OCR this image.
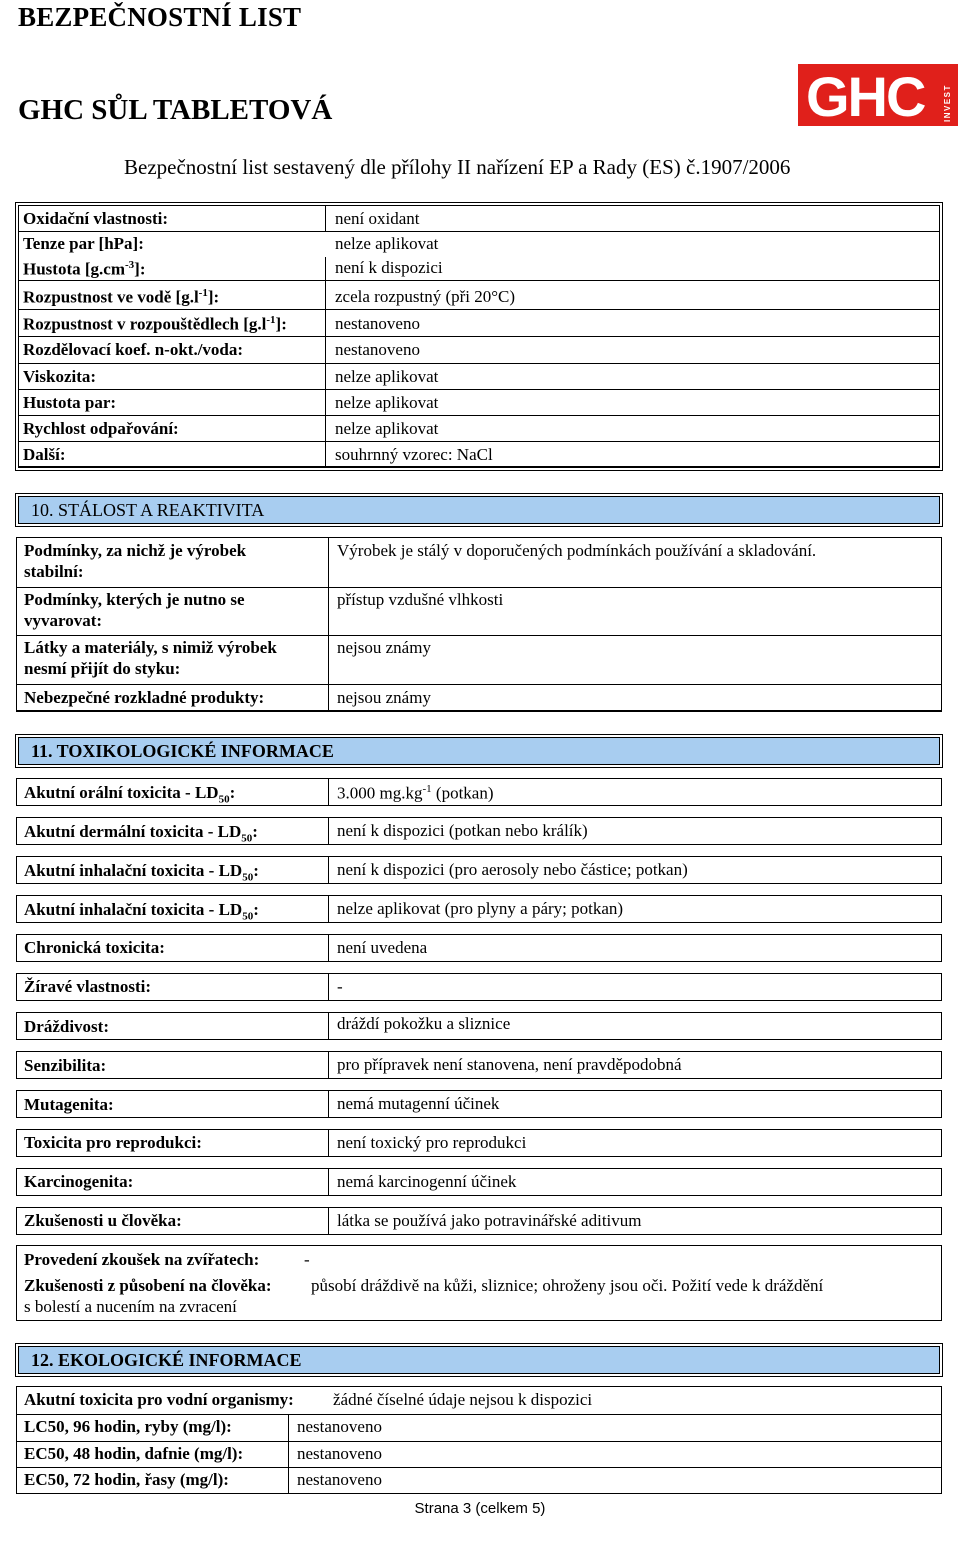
BEZPEČNOSTNÍ LIST
GHC SŮL TABLETOVÁ
Bezpečnostní list sestavený dle přílohy II nařízení EP a Rady (ES) č.1907/2006
GHC INVEST
Oxidační vlastnosti:	není oxidant
Tenze par [hPa]:	nelze aplikovat
Hustota $[g.cm^{-3}]$:	není k dispozici
Rozpustnost ve vodě $[g.l^{-1}]$:	zcela rozpustný (při 20°C)
Rozpustnost v rozpouštědlech $[g.l^{-1}]$:	nestanoveno
Rozdělovací koef. n-okt./voda:	nestanoveno
Viskozita:	nelze aplikovat
Hustota par:	nelze aplikovat
Rychlost odpařování:	nelze aplikovat
Další:	souhrnný vzorec: NaCl
10. STÁLOST A REAKTIVITA
Podmínky, za nichž je výrobek
stabilní:
Výrobek je stálý v doporučených podmínkách používání a skladování.
Podmínky, kterých je nutno se
vyvarovat:
přístup vzdušné vlhkosti
Látky a materiály, s nimiž výrobek
nesmí přijít do styku:
nejsou známy
Nebezpečné rozkladné produkty:	nejsou známy
11. TOXIKOLOGICKÉ INFORMACE
Akutní orální toxicita - $LD_{50}$:	3.000 $mg.kg^{-1}$ (potkan)
Akutní dermální toxicita - $LD_{50}$:	není k dispozici (potkan nebo králík)
Akutní inhalační toxicita - $LD_{50}$:	není k dispozici (pro aerosoly nebo částice; potkan)
Akutní inhalační toxicita - $LD_{50}$:	nelze aplikovat (pro plyny a páry; potkan)
Chronická toxicita:	není uvedena
Žíravé vlastnosti:	-
Dráždivost:	dráždí pokožku a sliznice
Senzibilita:	pro přípravek není stanovena, není pravděpodobná
Mutagenita:	nemá mutagenní účinek
Toxicita pro reprodukci:	není toxický pro reprodukci
Karcinogenita:	nemá karcinogenní účinek
Zkušenosti u člověka:	látka se používá jako potravinářské aditivum
Provedení zkoušek na zvířatech:	-
Zkušenosti z působení na člověka: působí dráždivě na kůži, sliznice; ohroženy jsou oči. Požití vede k dráždění
s bolestí a nucením na zvracení
12. EKOLOGICKÉ INFORMACE
Akutní toxicita pro vodní organismy: žádné číselné údaje nejsou k dispozici
LC50, 96 hodin, ryby (mg/l):	nestanoveno
EC50, 48 hodin, dafnie (mg/l):	nestanoveno
EC50, 72 hodin, řasy (mg/l):	nestanoveno
Strana 3 (celkem 5)
